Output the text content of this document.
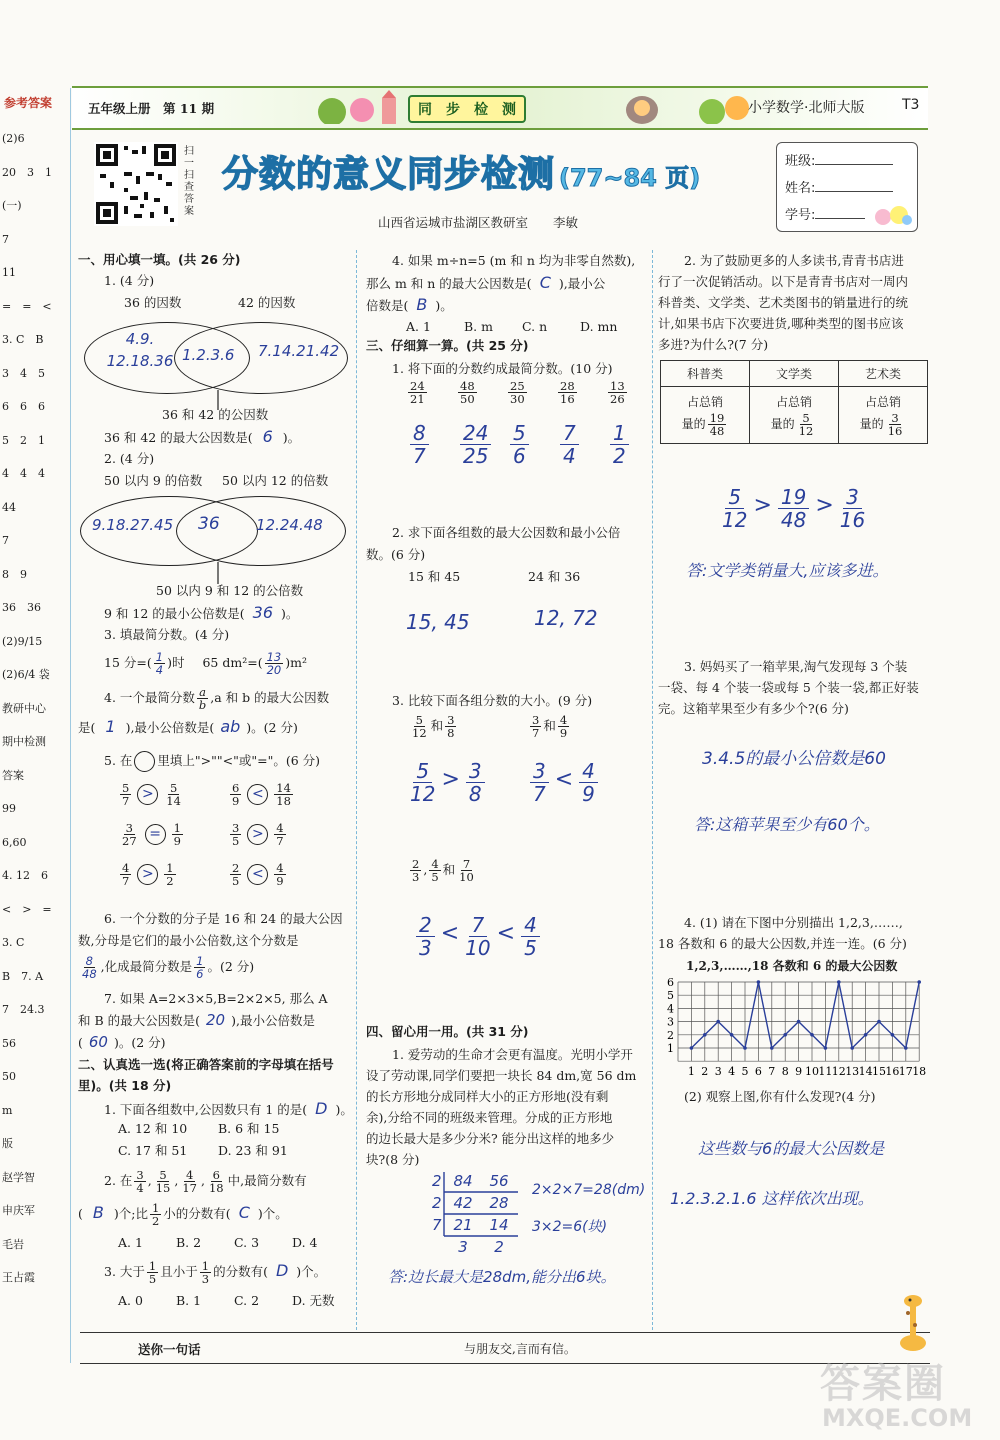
参考答案
(2)6
20　3　1
(一)
7
11
=　=　<
3. C　B
3　4　5
6　6　6
5　2　1
4　4　4
44
7
8　9
36　36
(2)9/15
(2)6/4 袋
教研中心
期中检测
答案
99
6,60
4. 12　6
<　>　=
3. C
B　7. A
7　24.3
56
50
m
版
赵学智
申庆军
毛岩
王占霞
五年级上册　第 11 期	同　步　检　测	小学数学·北师大版	T3
扫一扫　查答案
分数的意义同步检测 (77~84 页)
山西省运城市盐湖区教研室　　李敏
班级:
姓名:
学号:
一、用心填一填。(共 26 分)
1. (4 分)
36 的因数	42 的因数
4.9.
12.18.36 1.2.3.6 7.14.21.42
36 和 42 的公因数
36 和 42 的最大公因数是( 6 )。
2. (4 分)
50 以内 9 的倍数 50 以内 12 的倍数
9.18.27.45 36 12.24.48
50 以内 9 和 12 的公倍数
9 和 12 的最小公倍数是( 36 )。
3. 填最简分数。(4 分)
15 分=( $\frac{1}{4}$ )时 65 $dm^2=( \frac{13}{20} )m^2$
4. 一个最简分数 $\frac{a}{b} ,a$ 和 b 的最大公因数
是( 1 ),最小公倍数是( ab )。(2 分)
5. 在 里填上">""<"或"="。(6 分)
$\frac{5}{7} > \frac{5}{14}$	$\frac{6}{9} < \frac{14}{18}$
$\frac{3}{27} = \frac{1}{9}$	$\frac{3}{5} > \frac{4}{7}$
$\frac{4}{7} > \frac{1}{2}$	$\frac{2}{5} < \frac{4}{9}$
6. 一个分数的分子是 16 和 24 的最大公因
数,分母是它们的最小公倍数,这个分数是
$\frac{8}{48}$ ,化成最简分数是 $\frac{1}{6}$ 。(2 分)
7. 如果 A=2×3×5,B=2×2×5, 那么 A
和 B 的最大公因数是( 20 ),最小公倍数是
( 60 )。(2 分)
二、认真选一选(将正确答案前的字母填在括号里)。(共 18 分)
1. 下面各组数中,公因数只有 1 的是( D )。
A. 12 和 10 B. 6 和 15
C. 17 和 51 D. 23 和 91
2. 在 $\frac{3}{4}$ , $\frac{5}{15}$ , $\frac{4}{17}$ , $\frac{6}{18}$ 中,最简分数有
( B )个;比 $\frac{1}{2}$ 小的分数有( C )个。
A. 1	B. 2	C. 3	D. 4
3. 大于 $\frac{1}{5}$ 且小于 $\frac{1}{3}$ 的分数有( D )个。
A. 0	B. 1	C. 2	D. 无数
4. 如果 m÷n=5 (m 和 n 均为非零自然数),
那么 m 和 n 的最大公因数是( C ),最小公
倍数是( B )。
A. 1	B. m C. n	D. mn
三、仔细算一算。(共 25 分)
1. 将下面的分数约成最简分数。(10 分)
$\frac{24}{21}$	$\frac{48}{50}$	$\frac{25}{30}$	$\frac{28}{16}$	$\frac{13}{26}$
$\frac{8}{7} \frac{24}{25} \frac{5}{6} \frac{7}{4} \frac{1}{2}$
2. 求下面各组数的最大公因数和最小公倍
数。(6 分)
15 和 45	24 和 36
15, 45	12, 72
3. 比较下面各组分数的大小。(9 分)
$\frac{5}{12}$ 和 $\frac{3}{8}$	$\frac{3}{7}$ 和 $\frac{4}{9}$
$\frac{5}{12} > \frac{3}{8} \frac{3}{7} < \frac{4}{9}$
$\frac{2}{3}$ , $\frac{4}{5}$ 和 $\frac{7}{10}$
$\frac{2}{3} < \frac{7}{10} < \frac{4}{5}$
四、留心用一用。(共 31 分)
1. 爱劳动的生命才会更有温度。光明小学开
设了劳动课,同学们要把一块长 84 dm,宽 56 dm
的长方形地分成同样大小的正方形地(没有剩
余),分给不同的班级来管理。分成的正方形地
的边长最大是多少分米? 能分出这样的地多少
块?(8 分)
2 84 56
2 42 28
7 21 14
3 2
2×2×7=28(dm)
3×2=6(块)
答:边长最大是28dm,能分出6块。
2. 为了鼓励更多的人多读书,青青书店进
行了一次促销活动。以下是青青书店对一周内
科普类、文学类、艺术类图书的销量进行的统
计,如果书店下次要进货,哪种类型的图书应该
多进?为什么?(7 分)
科普类	文学类	艺术类
占总销
量的 $\frac{19}{48}$	占总销
量的 $\frac{5}{12}$	占总销
量的 $\frac{3}{16}$
$\frac{5}{12} > \frac{19}{48} > \frac{3}{16}$
答:文学类销量大,应该多进。
3. 妈妈买了一箱苹果,淘气发现每 3 个装
一袋、每 4 个装一袋或每 5 个装一袋,都正好装
完。这箱苹果至少有多少个?(6 分)
3.4.5的最小公倍数是60
答:这箱苹果至少有60个。
4. (1) 请在下图中分别描出 1,2,3,……,
18 各数和 6 的最大公因数,并连一连。(6 分)
1,2,3,……,18 各数和 6 的最大公因数
1
2
3
4
5
6
1 2 3 4 5 6 7 8 9 10 11 12 13 14 15 16 17 18
(2) 观察上图,你有什么发现?(4 分)
这些数与6的最大公因数是
1.2.3.2.1.6 这样依次出现。
送你一句话	与朋友交,言而有信。
答案圈
MXQE.COM
